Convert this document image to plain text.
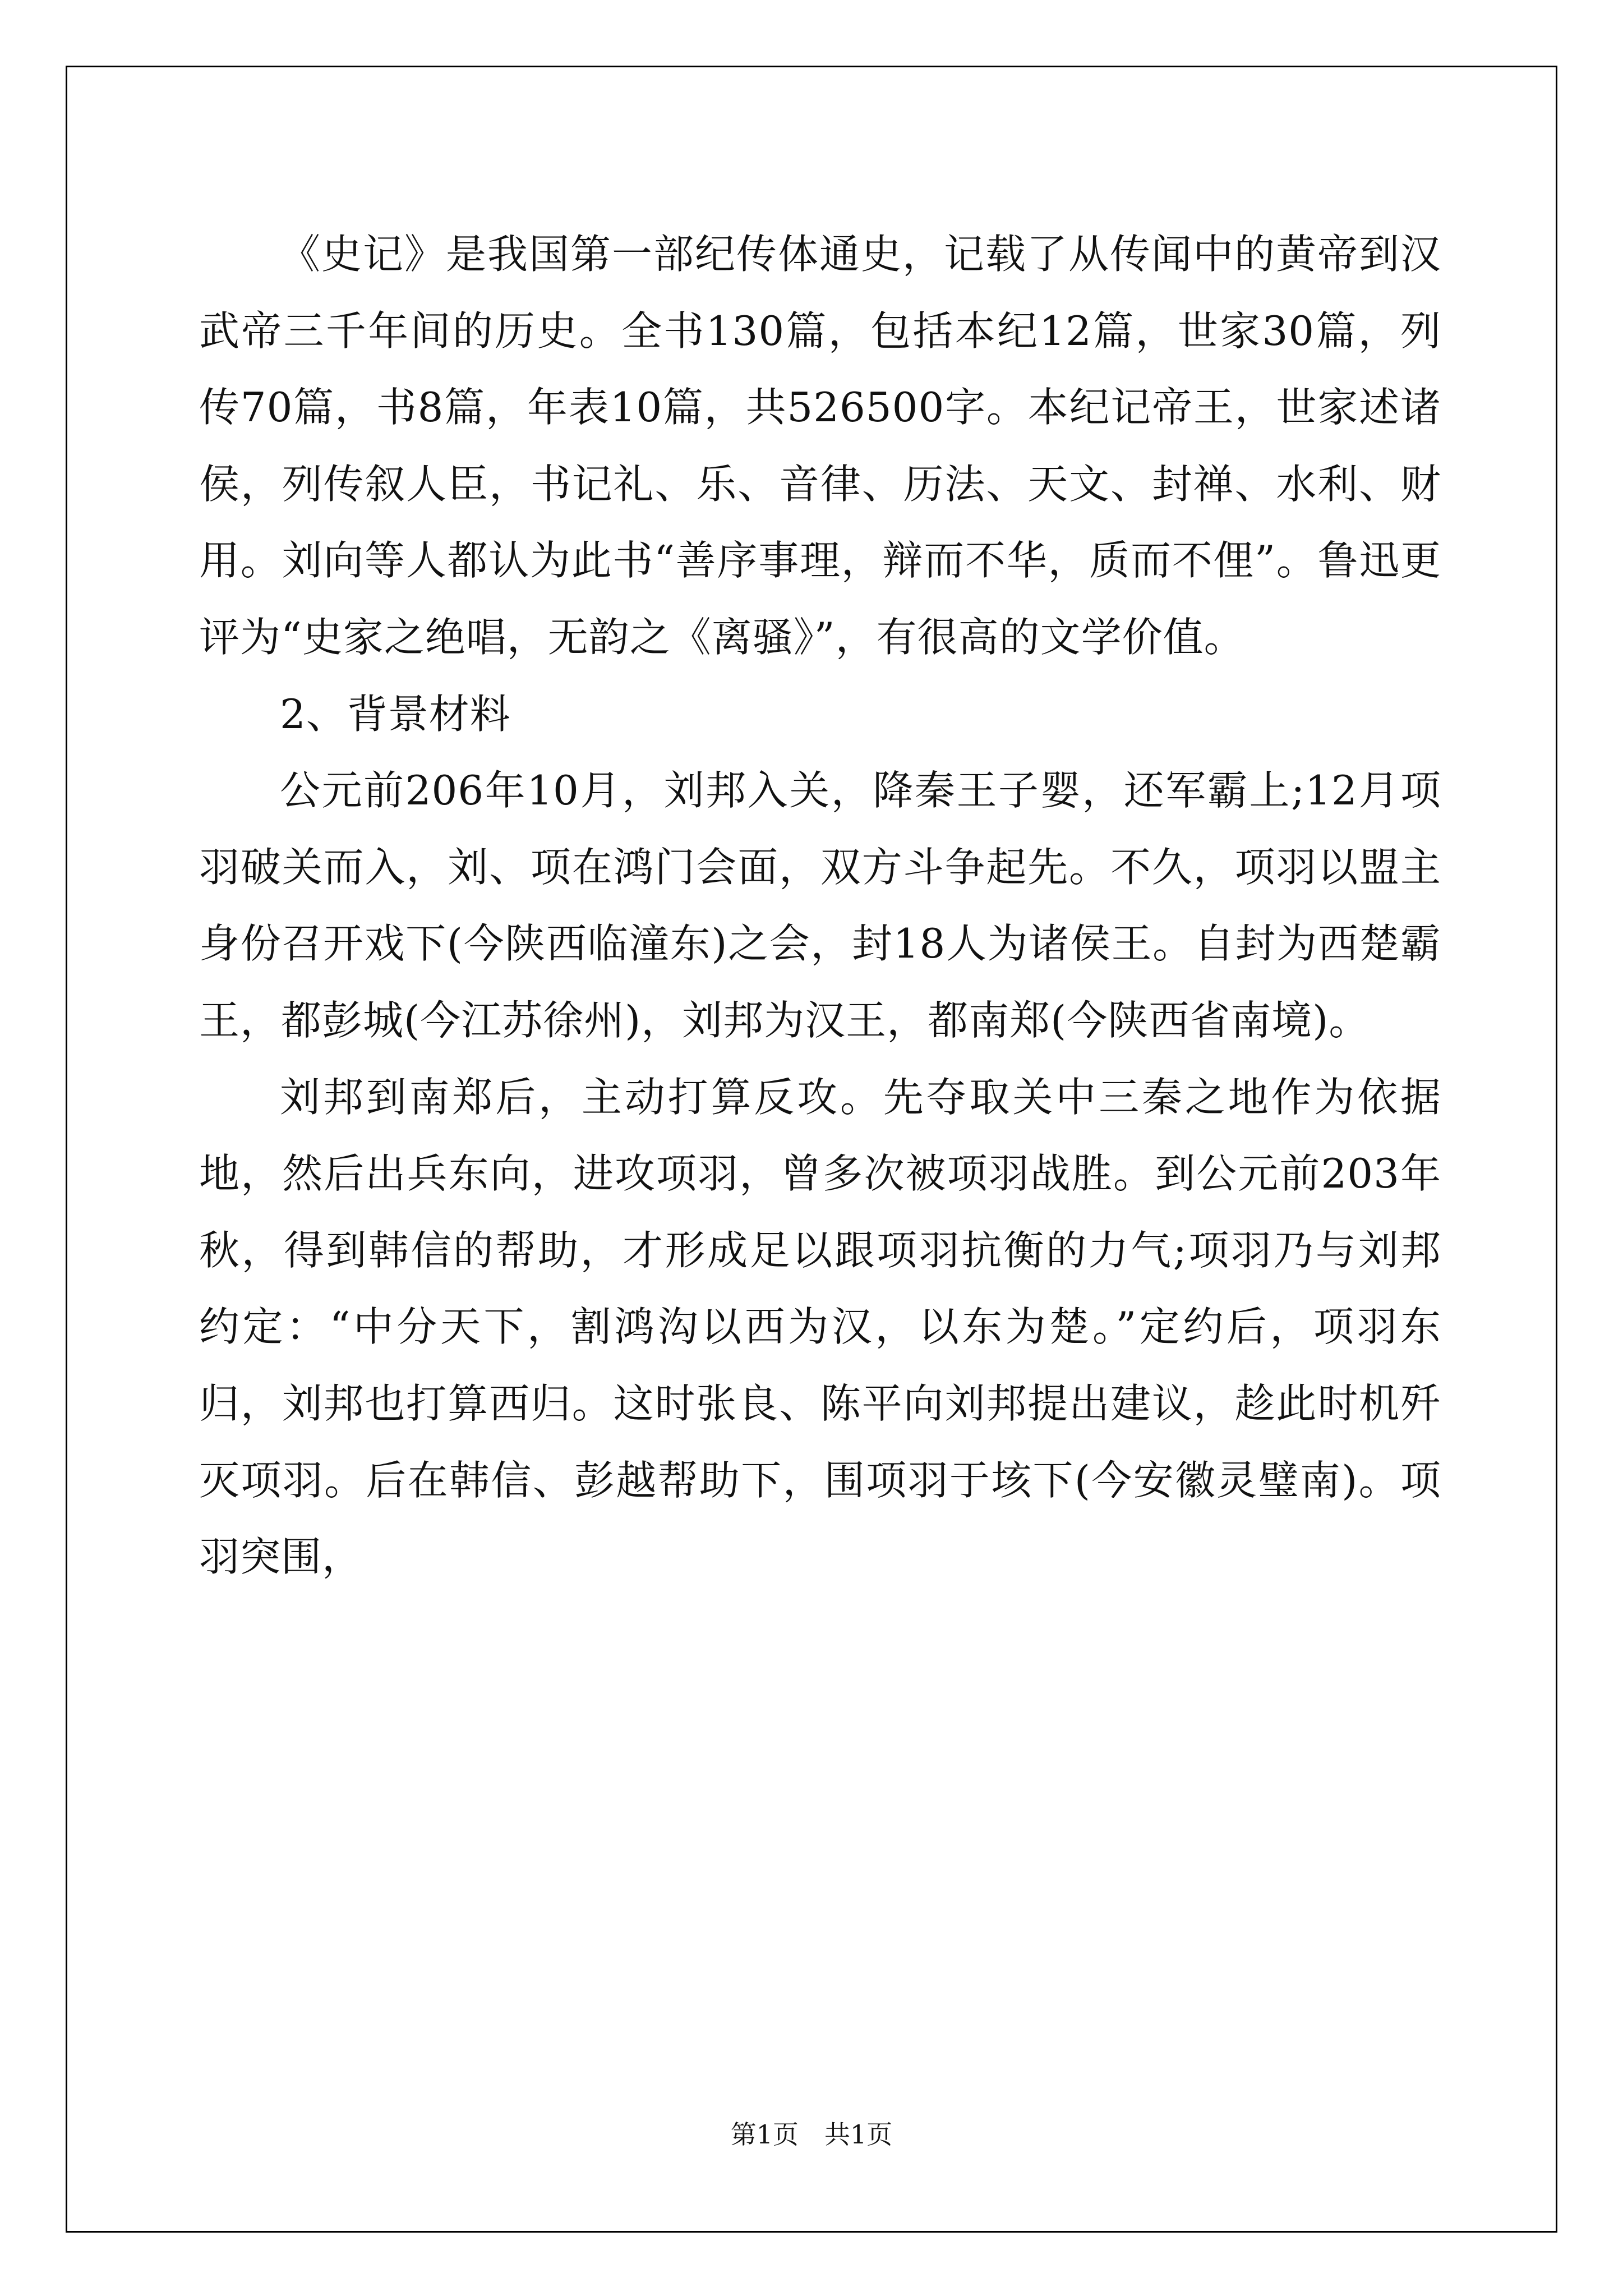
《史记》是我国第一部纪传体通史，记载了从传闻中的黄帝到汉武帝三千年间的历史。全书130篇，包括本纪12篇，世家30篇，列传70篇，书8篇，年表10篇，共526500字。本纪记帝王，世家述诸侯，列传叙人臣，书记礼、乐、音律、历法、天文、封禅、水利、财用。刘向等人都认为此书“善序事理，辩而不华，质而不俚”。鲁迅更评为“史家之绝唱，无韵之《离骚》”，有很高的文学价值。

2、背景材料

公元前206年10月，刘邦入关，降秦王子婴，还军霸上;12月项羽破关而入，刘、项在鸿门会面，双方斗争起先。不久，项羽以盟主身份召开戏下(今陕西临潼东)之会，封18人为诸侯王。自封为西楚霸王，都彭城(今江苏徐州)，刘邦为汉王，都南郑(今陕西省南境)。

刘邦到南郑后，主动打算反攻。先夺取关中三秦之地作为依据地，然后出兵东向，进攻项羽，曾多次被项羽战胜。到公元前203年秋，得到韩信的帮助，才形成足以跟项羽抗衡的力气;项羽乃与刘邦约定：“中分天下，割鸿沟以西为汉，以东为楚。”定约后，项羽东归，刘邦也打算西归。这时张良、陈平向刘邦提出建议，趁此时机歼灭项羽。后在韩信、彭越帮助下，围项羽于垓下(今安徽灵璧南)。项羽突围，

第1页　共1页
